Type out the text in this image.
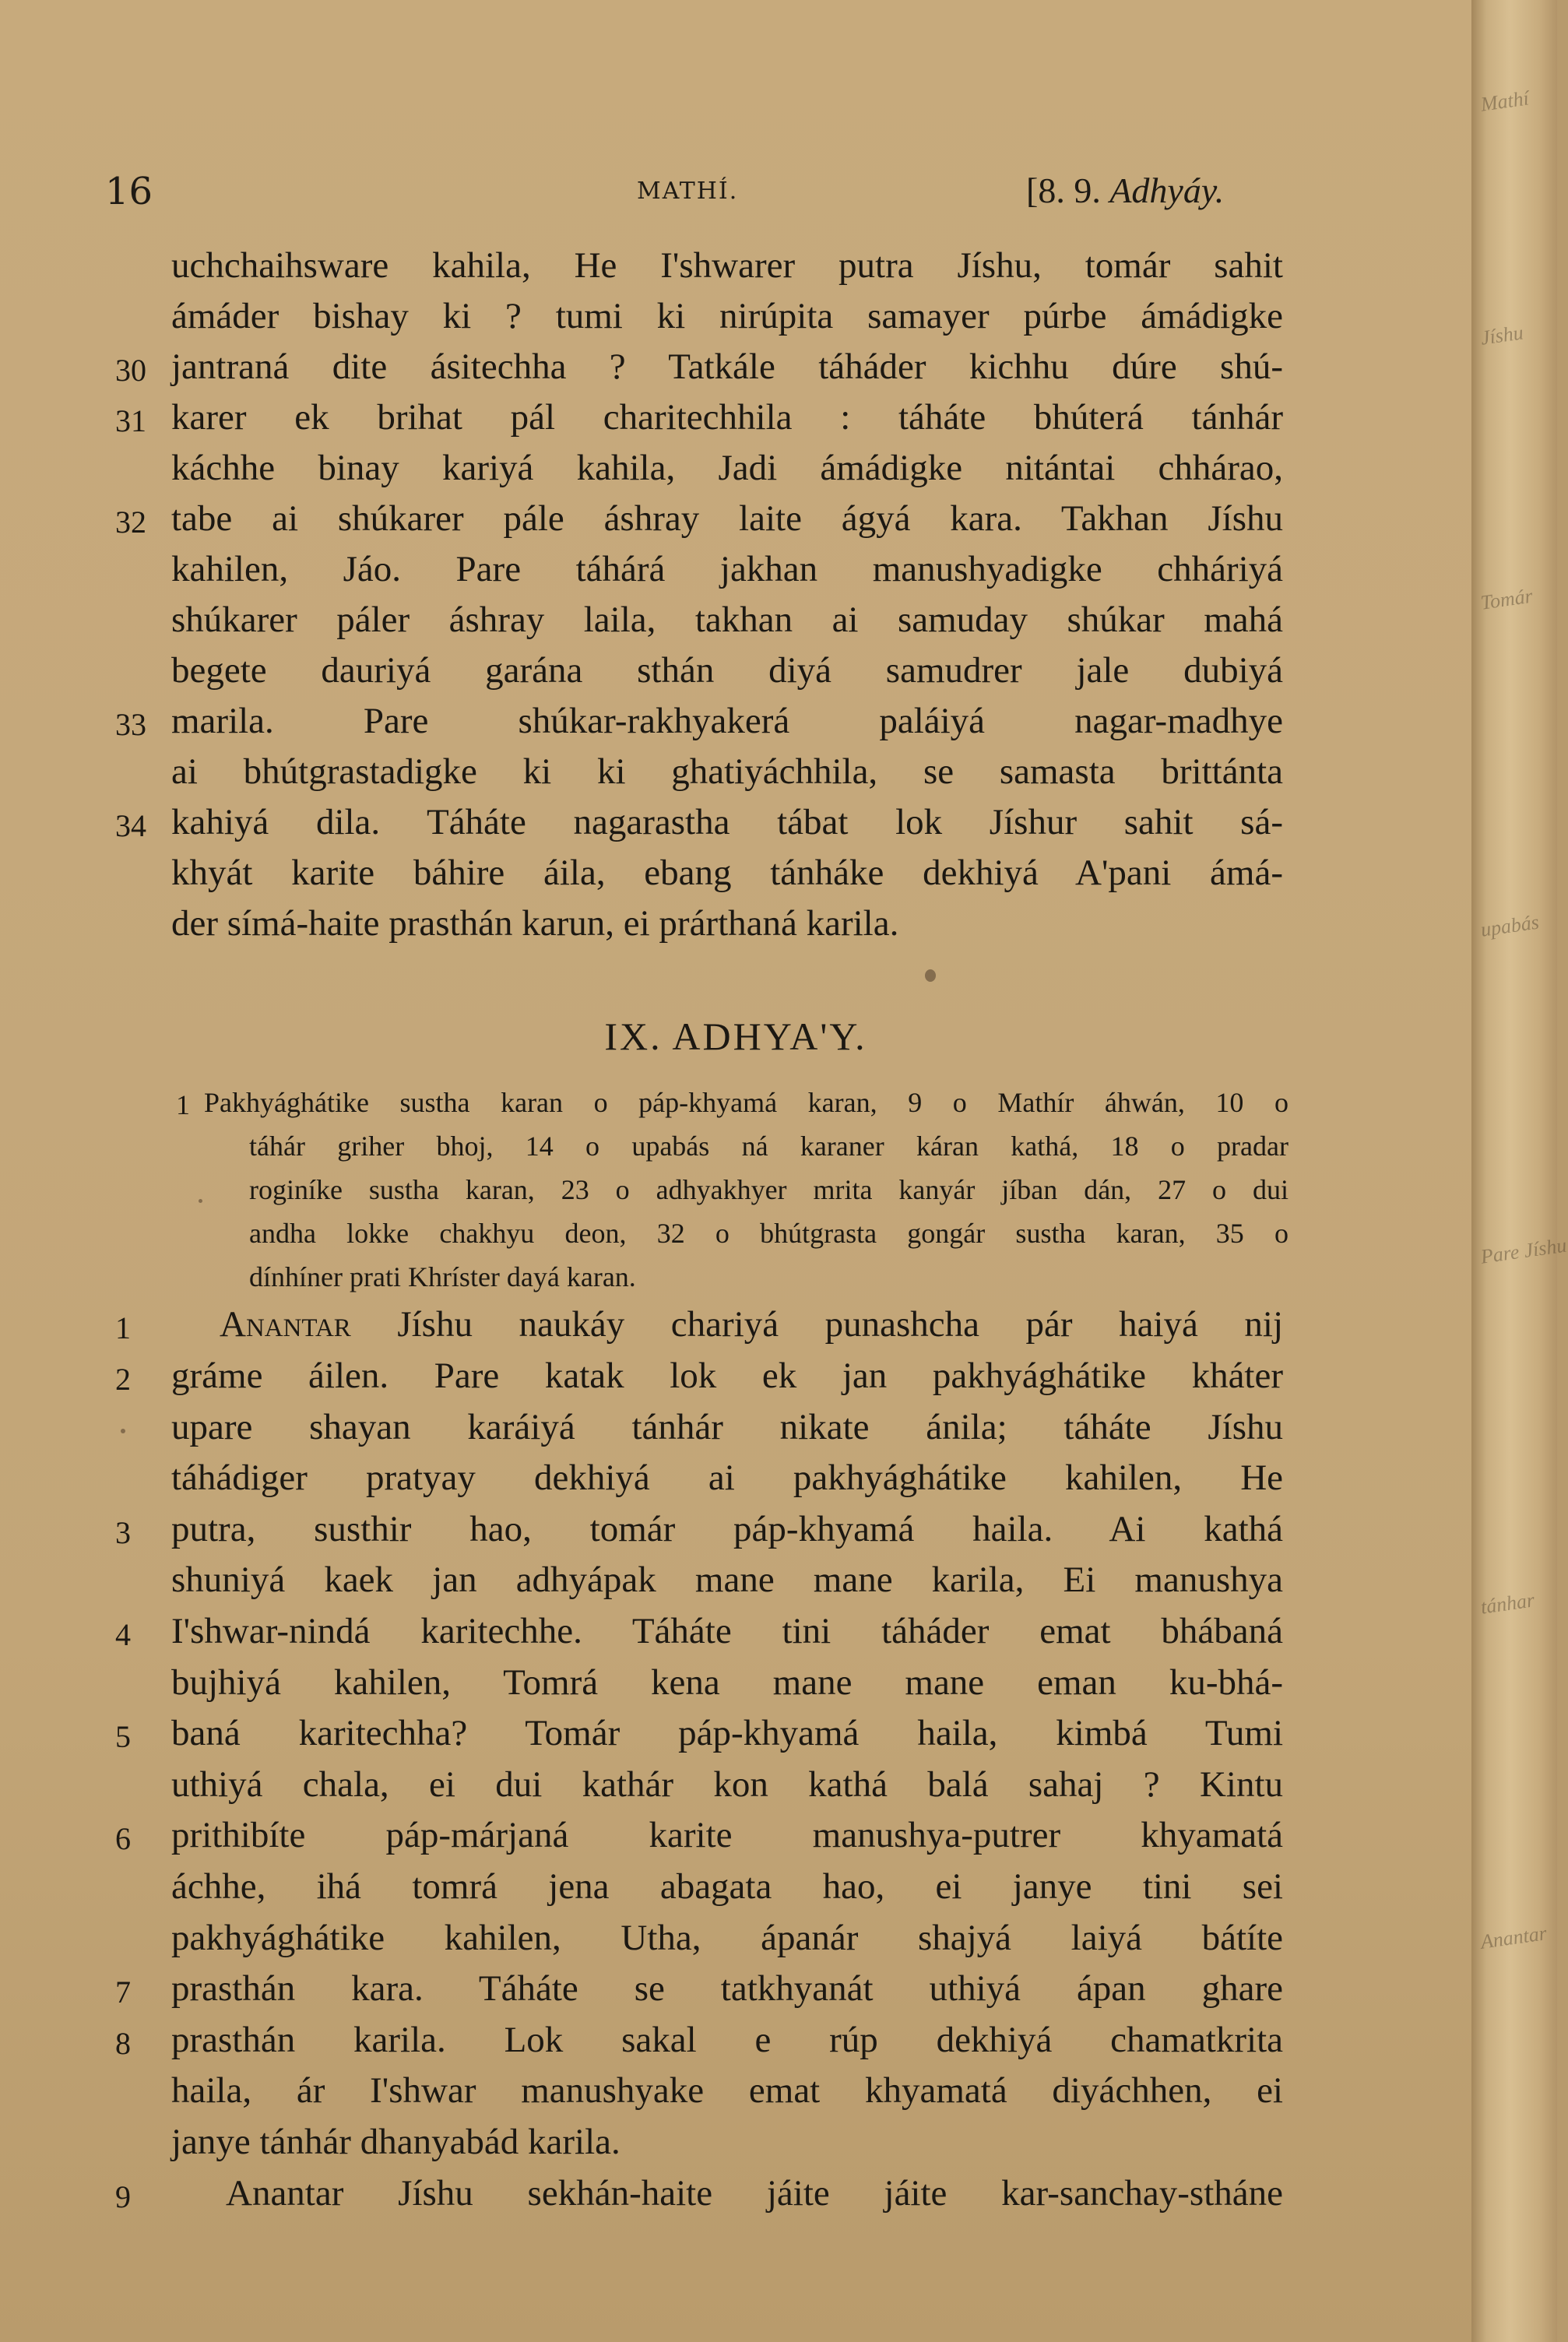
16	MATHÍ.	[8. 9. Adhyáy.
uchchaihsware kahila, He I'shwarer putra Jíshu, tomár sahit
ámáder bishay ki ? tumi ki nirúpita samayer púrbe ámádigke
30 jantraná dite ásitechha ? Tatkále táháder kichhu dúre shú-
31 karer ek brihat pál charitechhila : táháte bhúterá tánhár
káchhe binay kariyá kahila, Jadi ámádigke nitántai chhárao,
32 tabe ai shúkarer pále áshray laite ágyá kara. Takhan Jíshu
kahilen, Jáo. Pare táhárá jakhan manushyadigke chháriyá
shúkarer páler áshray laila, takhan ai samuday shúkar mahá
begete dauriyá garána sthán diyá samudrer jale dubiyá
33 marila. Pare shúkar-rakhyakerá paláiyá nagar-madhye
ai bhútgrastadigke ki ki ghatiyáchhila, se samasta brittánta
34 kahiyá dila. Táháte nagarastha tábat lok Jíshur sahit sá-
khyát karite báhire áila, ebang tánháke dekhiyá A'pani ámá-
der símá-haite prasthán karun, ei prárthaná karila.
IX. ADHYA'Y.
1 Pakhyághátike sustha karan o páp-khyamá karan, 9 o Mathír áhwán, 10 o
táhár griher bhoj, 14 o upabás ná karaner káran kathá, 18 o pradar
roginíke sustha karan, 23 o adhyakhyer mrita kanyár jíban dán, 27 o dui
andha lokke chakhyu deon, 32 o bhútgrasta gongár sustha karan, 35 o
dínhíner prati Khríster dayá karan.
1 Anantar Jíshu naukáy chariyá punashcha pár haiyá nij
2 gráme áilen. Pare katak lok ek jan pakhyághátike kháter
upare shayan karáiyá tánhár nikate ánila; táháte Jíshu
táhádiger pratyay dekhiyá ai pakhyághátike kahilen, He
3 putra, susthir hao, tomár páp-khyamá haila. Ai kathá
shuniyá kaek jan adhyápak mane mane karila, Ei manushya
4 I'shwar-nindá karitechhe. Táháte tini táháder emat bhábaná
bujhiyá kahilen, Tomrá kena mane mane eman ku-bhá-
5 baná karitechha? Tomár páp-khyamá haila, kimbá Tumi
uthiyá chala, ei dui kathár kon kathá balá sahaj ? Kintu
6 prithibíte páp-márjaná karite manushya-putrer khyamatá
áchhe, ihá tomrá jena abagata hao, ei janye tini sei
pakhyághátike kahilen, Utha, ápanár shajyá laiyá bátíte
7 prasthán kara. Táháte se tatkhyanát uthiyá ápan ghare
8 prasthán karila. Lok sakal e rúp dekhiyá chamatkrita
haila, ár I'shwar manushyake emat khyamatá diyáchhen, ei
janye tánhár dhanyabád karila.
9	Anantar Jíshu sekhán-haite jáite jáite kar-sanchay-stháne
Mathí
Jíshu
Tomár
upabás
Pare Jíshu
tánhar
Anantar
